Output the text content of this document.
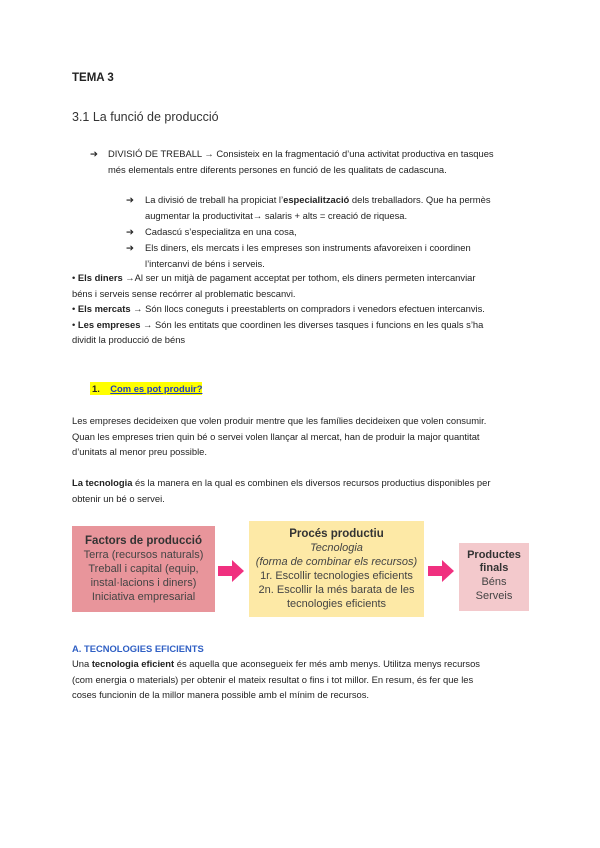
TEMA 3
3.1 La funció de producció
➔ DIVISIÓ DE TREBALL → Consisteix en la fragmentació d’una activitat productiva en tasques
més elementals entre diferents persones en funció de les qualitats de cadascuna.
➔ La divisió de treball ha propiciat l’especialització dels treballadors. Que ha permès
augmentar la productivitat→ salaris + alts = creació de riquesa.
➔ Cadascú s’especialitza en una cosa,
➔ Els diners, els mercats i les empreses son instruments afavoreixen i coordinen
l’intercanvi de béns i serveis.
• Els diners →Al ser un mitjà de pagament acceptat per tothom, els diners permeten intercanviar
béns i serveis sense recórrer al problematic bescanvi.
• Els mercats → Són llocs coneguts i preestablerts on compradors i venedors efectuen intercanvis.
• Les empreses → Són les entitats que coordinen les diverses tasques i funcions en les quals s’ha
dividit la producció de béns
1. Com es pot produir?
Les empreses decideixen que volen produir mentre que les famílies decideixen que volen consumir.
Quan les empreses trien quin bé o servei volen llançar al mercat, han de produir la major quantitat
d’unitats al menor preu possible.
La tecnologia és la manera en la qual es combinen els diversos recursos productius disponibles per
obtenir un bé o servei.
Factors de producció
Terra (recursos naturals)
Treball i capital (equip,
instal·lacions i diners)
Iniciativa empresarial
Procés productiu
Tecnologia
(forma de combinar els recursos)
1r. Escollir tecnologies eficients
2n. Escollir la més barata de les
tecnologies eficients
Productes finals
Béns
Serveis
A. TECNOLOGIES EFICIENTS
Una tecnologia eficient és aquella que aconsegueix fer més amb menys. Utilitza menys recursos
(com energia o materials) per obtenir el mateix resultat o fins i tot millor. En resum, és fer que les
coses funcionin de la millor manera possible amb el mínim de recursos.
